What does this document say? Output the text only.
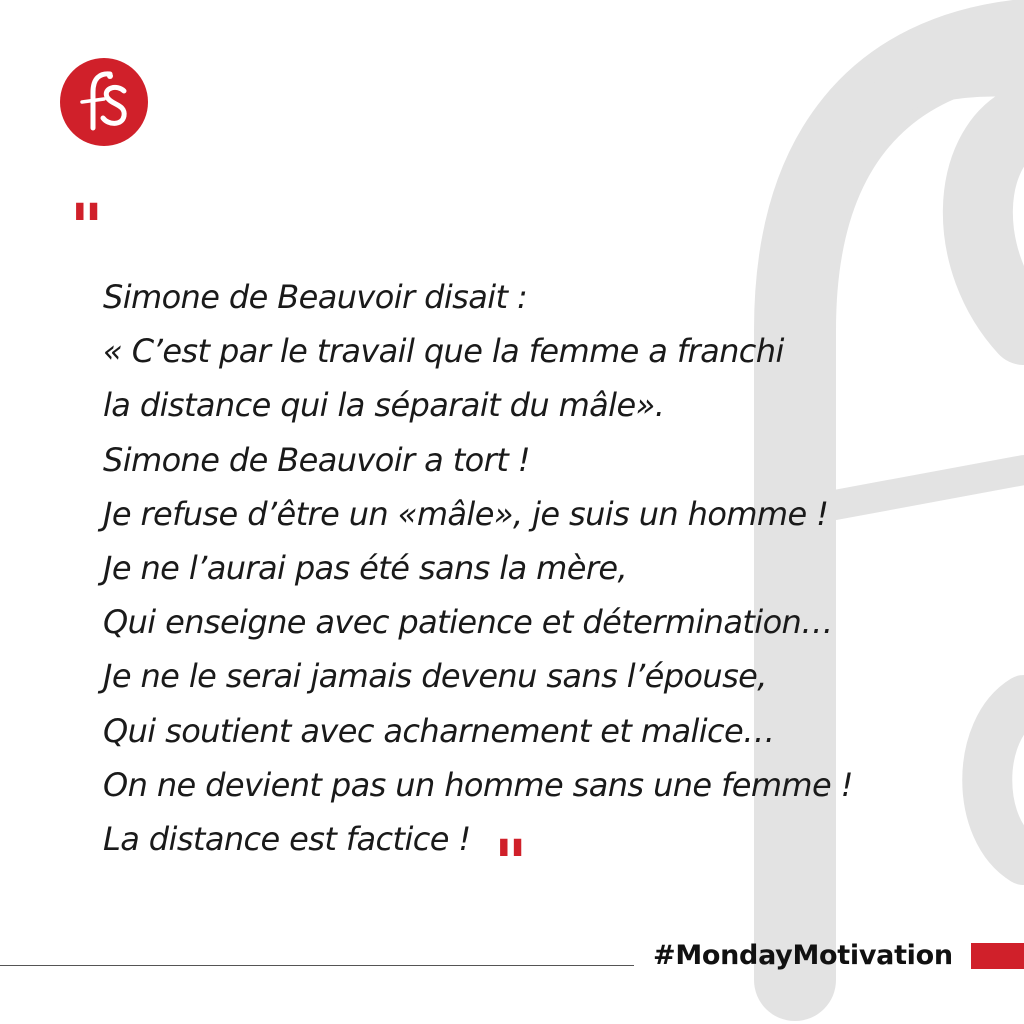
"
Simone de Beauvoir disait :
« C’est par le travail que la femme a franchi
la distance qui la séparait du mâle».
Simone de Beauvoir a tort !
Je refuse d’être un «mâle», je suis un homme !
Je ne l’aurai pas été sans la mère,
Qui enseigne avec patience et détermination…
Je ne le serai jamais devenu sans l’épouse,
Qui soutient avec acharnement et malice…
On ne devient pas un homme sans une femme !
La distance est factice ! "
#MondayMotivation
